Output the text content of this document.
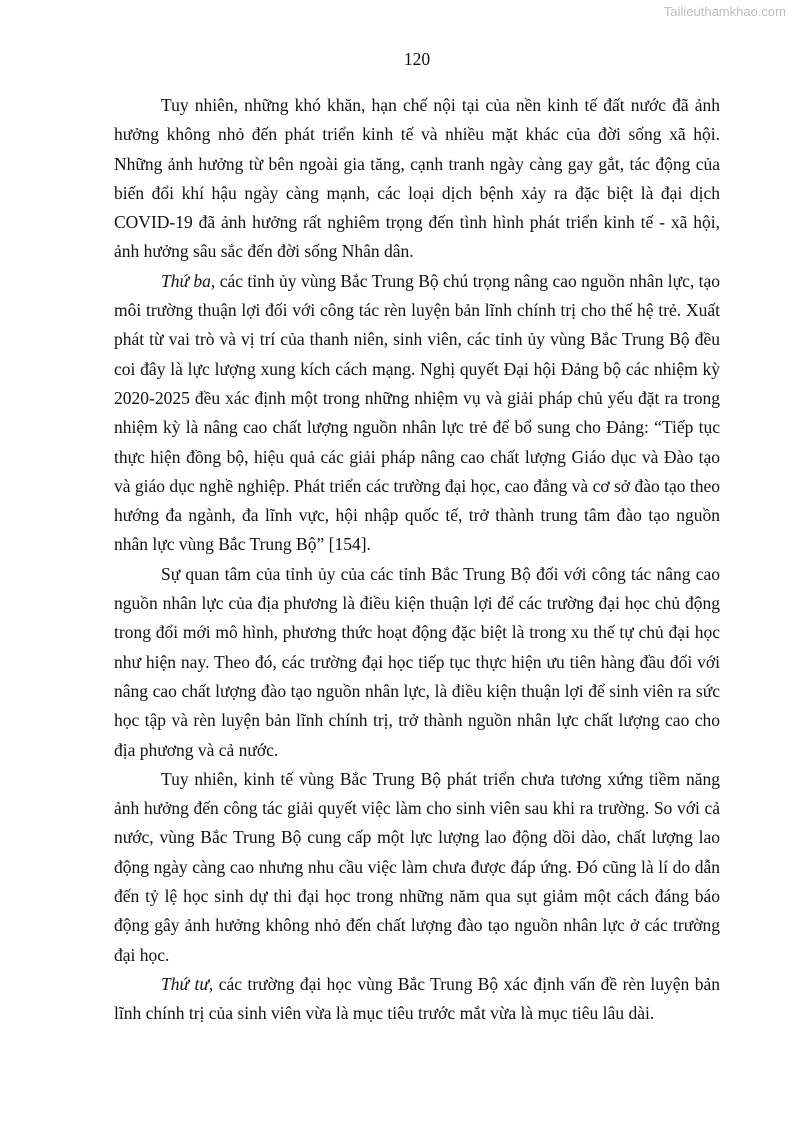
Tailieuthamkhao.com
120

Tuy nhiên, những khó khăn, hạn chế nội tại của nền kinh tế đất nước đã ảnh hưởng không nhỏ đến phát triển kinh tế và nhiều mặt khác của đời sống xã hội. Những ảnh hưởng từ bên ngoài gia tăng, cạnh tranh ngày càng gay gắt, tác động của biến đổi khí hậu ngày càng mạnh, các loại dịch bệnh xảy ra đặc biệt là đại dịch COVID-19 đã ảnh hưởng rất nghiêm trọng đến tình hình phát triển kinh tế - xã hội, ảnh hưởng sâu sắc đến đời sống Nhân dân.

Thứ ba, các tỉnh ủy vùng Bắc Trung Bộ chú trọng nâng cao nguồn nhân lực, tạo môi trường thuận lợi đối với công tác rèn luyện bản lĩnh chính trị cho thế hệ trẻ. Xuất phát từ vai trò và vị trí của thanh niên, sinh viên, các tỉnh ủy vùng Bắc Trung Bộ đều coi đây là lực lượng xung kích cách mạng. Nghị quyết Đại hội Đảng bộ các nhiệm kỳ 2020-2025 đều xác định một trong những nhiệm vụ và giải pháp chủ yếu đặt ra trong nhiệm kỳ là nâng cao chất lượng nguồn nhân lực trẻ để bổ sung cho Đảng: “Tiếp tục thực hiện đồng bộ, hiệu quả các giải pháp nâng cao chất lượng Giáo dục và Đào tạo và giáo dục nghề nghiệp. Phát triển các trường đại học, cao đẳng và cơ sở đào tạo theo hướng đa ngành, đa lĩnh vực, hội nhập quốc tế, trở thành trung tâm đào tạo nguồn nhân lực vùng Bắc Trung Bộ” [154].

Sự quan tâm của tỉnh ủy của các tỉnh Bắc Trung Bộ đối với công tác nâng cao nguồn nhân lực của địa phương là điều kiện thuận lợi để các trường đại học chủ động trong đổi mới mô hình, phương thức hoạt động đặc biệt là trong xu thế tự chủ đại học như hiện nay. Theo đó, các trường đại học tiếp tục thực hiện ưu tiên hàng đầu đối với nâng cao chất lượng đào tạo nguồn nhân lực, là điều kiện thuận lợi để sinh viên ra sức học tập và rèn luyện bản lĩnh chính trị, trở thành nguồn nhân lực chất lượng cao cho địa phương và cả nước.

Tuy nhiên, kinh tế vùng Bắc Trung Bộ phát triển chưa tương xứng tiềm năng ảnh hưởng đến công tác giải quyết việc làm cho sinh viên sau khi ra trường. So với cả nước, vùng Bắc Trung Bộ cung cấp một lực lượng lao động dồi dào, chất lượng lao động ngày càng cao nhưng nhu cầu việc làm chưa được đáp ứng. Đó cũng là lí do dẫn đến tỷ lệ học sinh dự thi đại học trong những năm qua sụt giảm một cách đáng báo động gây ảnh hưởng không nhỏ đến chất lượng đào tạo nguồn nhân lực ở các trường đại học.

Thứ tư, các trường đại học vùng Bắc Trung Bộ xác định vấn đề rèn luyện bản lĩnh chính trị của sinh viên vừa là mục tiêu trước mắt vừa là mục tiêu lâu dài.
